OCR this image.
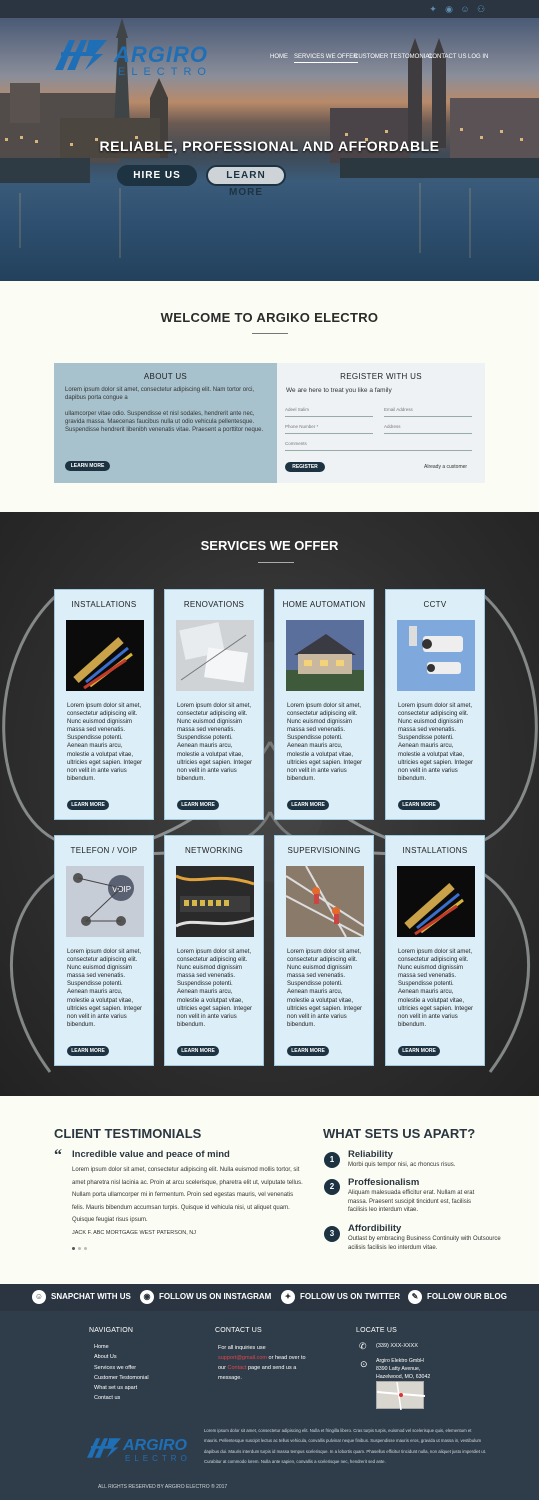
✦ ◉ ☺ ⚇
ARGIRO
ELECTRO
HOME SERVICES WE OFFER
CUSTOMER TESTOMONIAL
CONTACT US LOG IN
RELIABLE, PROFESSIONAL AND AFFORDABLE
HIRE US	LEARN MORE
WELCOME TO ARGIKO ELECTRO
ABOUT US
Lorem ipsum dolor sit amet, consectetur adipiscing elit. Nam tortor orci, dapibus porta congue a
ullamcorper vitae odio. Suspendisse et nisl sodales, hendrerit ante nec, gravida massa. Maecenas faucibus nulla ut odio vehicula pellentesque. Suspendisse hendrerit libenibh venenatis vitae. Praesent a porttitor neque.
LEARN MORE
REGISTER WITH US
We are here to treat you like a family
Adeel Salim	Email Address
Phone Number *	Address
Comments
REGISTER	Already a customer
SERVICES WE OFFER
INSTALLATIONS
Lorem ipsum dolor sit amet, consectetur adipiscing elit. Nunc euismod dignissim massa sed venenatis. Suspendisse potenti. Aenean mauris arcu, molestie a volutpat vitae, ultricies eget sapien. Integer non velit in ante varius bibendum.
LEARN MORE
RENOVATIONS
Lorem ipsum dolor sit amet, consectetur adipiscing elit. Nunc euismod dignissim massa sed venenatis. Suspendisse potenti. Aenean mauris arcu, molestie a volutpat vitae, ultricies eget sapien. Integer non velit in ante varius bibendum.
LEARN MORE
HOME AUTOMATION
Lorem ipsum dolor sit amet, consectetur adipiscing elit. Nunc euismod dignissim massa sed venenatis. Suspendisse potenti. Aenean mauris arcu, molestie a volutpat vitae, ultricies eget sapien. Integer non velit in ante varius bibendum.
LEARN MORE
CCTV
Lorem ipsum dolor sit amet, consectetur adipiscing elit. Nunc euismod dignissim massa sed venenatis. Suspendisse potenti. Aenean mauris arcu, molestie a volutpat vitae, ultricies eget sapien. Integer non velit in ante varius bibendum.
LEARN MORE
TELEFON / VOIP
VOIP
Lorem ipsum dolor sit amet, consectetur adipiscing elit. Nunc euismod dignissim massa sed venenatis. Suspendisse potenti. Aenean mauris arcu, molestie a volutpat vitae, ultricies eget sapien. Integer non velit in ante varius bibendum.
LEARN MORE
NETWORKING
Lorem ipsum dolor sit amet, consectetur adipiscing elit. Nunc euismod dignissim massa sed venenatis. Suspendisse potenti. Aenean mauris arcu, molestie a volutpat vitae, ultricies eget sapien. Integer non velit in ante varius bibendum.
LEARN MORE
SUPERVISIONING
Lorem ipsum dolor sit amet, consectetur adipiscing elit. Nunc euismod dignissim massa sed venenatis. Suspendisse potenti. Aenean mauris arcu, molestie a volutpat vitae, ultricies eget sapien. Integer non velit in ante varius bibendum.
LEARN MORE
INSTALLATIONS
Lorem ipsum dolor sit amet, consectetur adipiscing elit. Nunc euismod dignissim massa sed venenatis. Suspendisse potenti. Aenean mauris arcu, molestie a volutpat vitae, ultricies eget sapien. Integer non velit in ante varius bibendum.
LEARN MORE
CLIENT TESTIMONIALS
“ Incredible value and peace of mind
Lorem ipsum dolor sit amet, consectetur adipiscing elit. Nulla euismod mollis tortor, sit amet pharetra nisl lacinia ac. Proin at arcu scelerisque, pharetra elit ut, vulputate tellus. Nullam porta ullamcorper mi in fermentum. Proin sed egestas mauris, vel venenatis felis. Mauris bibendum accumsan turpis. Quisque id vehicula nisi, ut aliquet quam. Quisque feugiat risus ipsum.
JACK F. ABC MORTGAGE WEST PATERSON, NJ
WHAT SETS US APART?
1	Reliability
Morbi quis tempor nisi, ac rhoncus risus.
2	Proffesionalism
Aliquam malesuada efficitur erat. Nullam at erat massa. Praesent suscipit tincidunt est, facilisis facilisis leo interdum vitae.
3	Affordibility
Outlast by embracing Business Continuity with Outsource acilisis facilisis leo interdum vitae.
☺ SNAPCHAT WITH US	◉ FOLLOW US ON INSTAGRAM	✦ FOLLOW US ON TWITTER	✎ FOLLOW OUR BLOG
NAVIGATION
Home
About Us
Services we offer
Customer Testomonial
What set us apart
Contact us
CONTACT US
For all inquiries use support@gmail.com or head over to our Contact page and send us a message.
LOCATE US
✆ (339) XXX-XXXX
⊙ Argiro Elektro GmbH
8390 Latty Avenue,
Hazelwood, MO, 63042
ARGIRO
ELECTRO
Lorem ipsum dolor sit amet, consectetur adipiscing elit. Nulla et fringilla libero. Cras turpis turpis, euismod vel scelerisque quis, elementum et mauris. Pellentesque suscipit lectus ac tellus vehicula, convallis pulvinar neque finibus. Suspendisse mauris eros, gravida ut massa in, vestibulum dapibus dui. Mauris interdum turpis id massa tempus scelerisque. In a lobortis quam. Phasellus efficitur tincidunt nulla, non aliquet justo imperdiet ut. Curabitur at commodo lorem. Nulla ante sapien, convallis a scelerisque nec, hendrerit sed ante.
ALL RIGHTS RESERVED BY ARGIRO ELECTRO ® 2017
